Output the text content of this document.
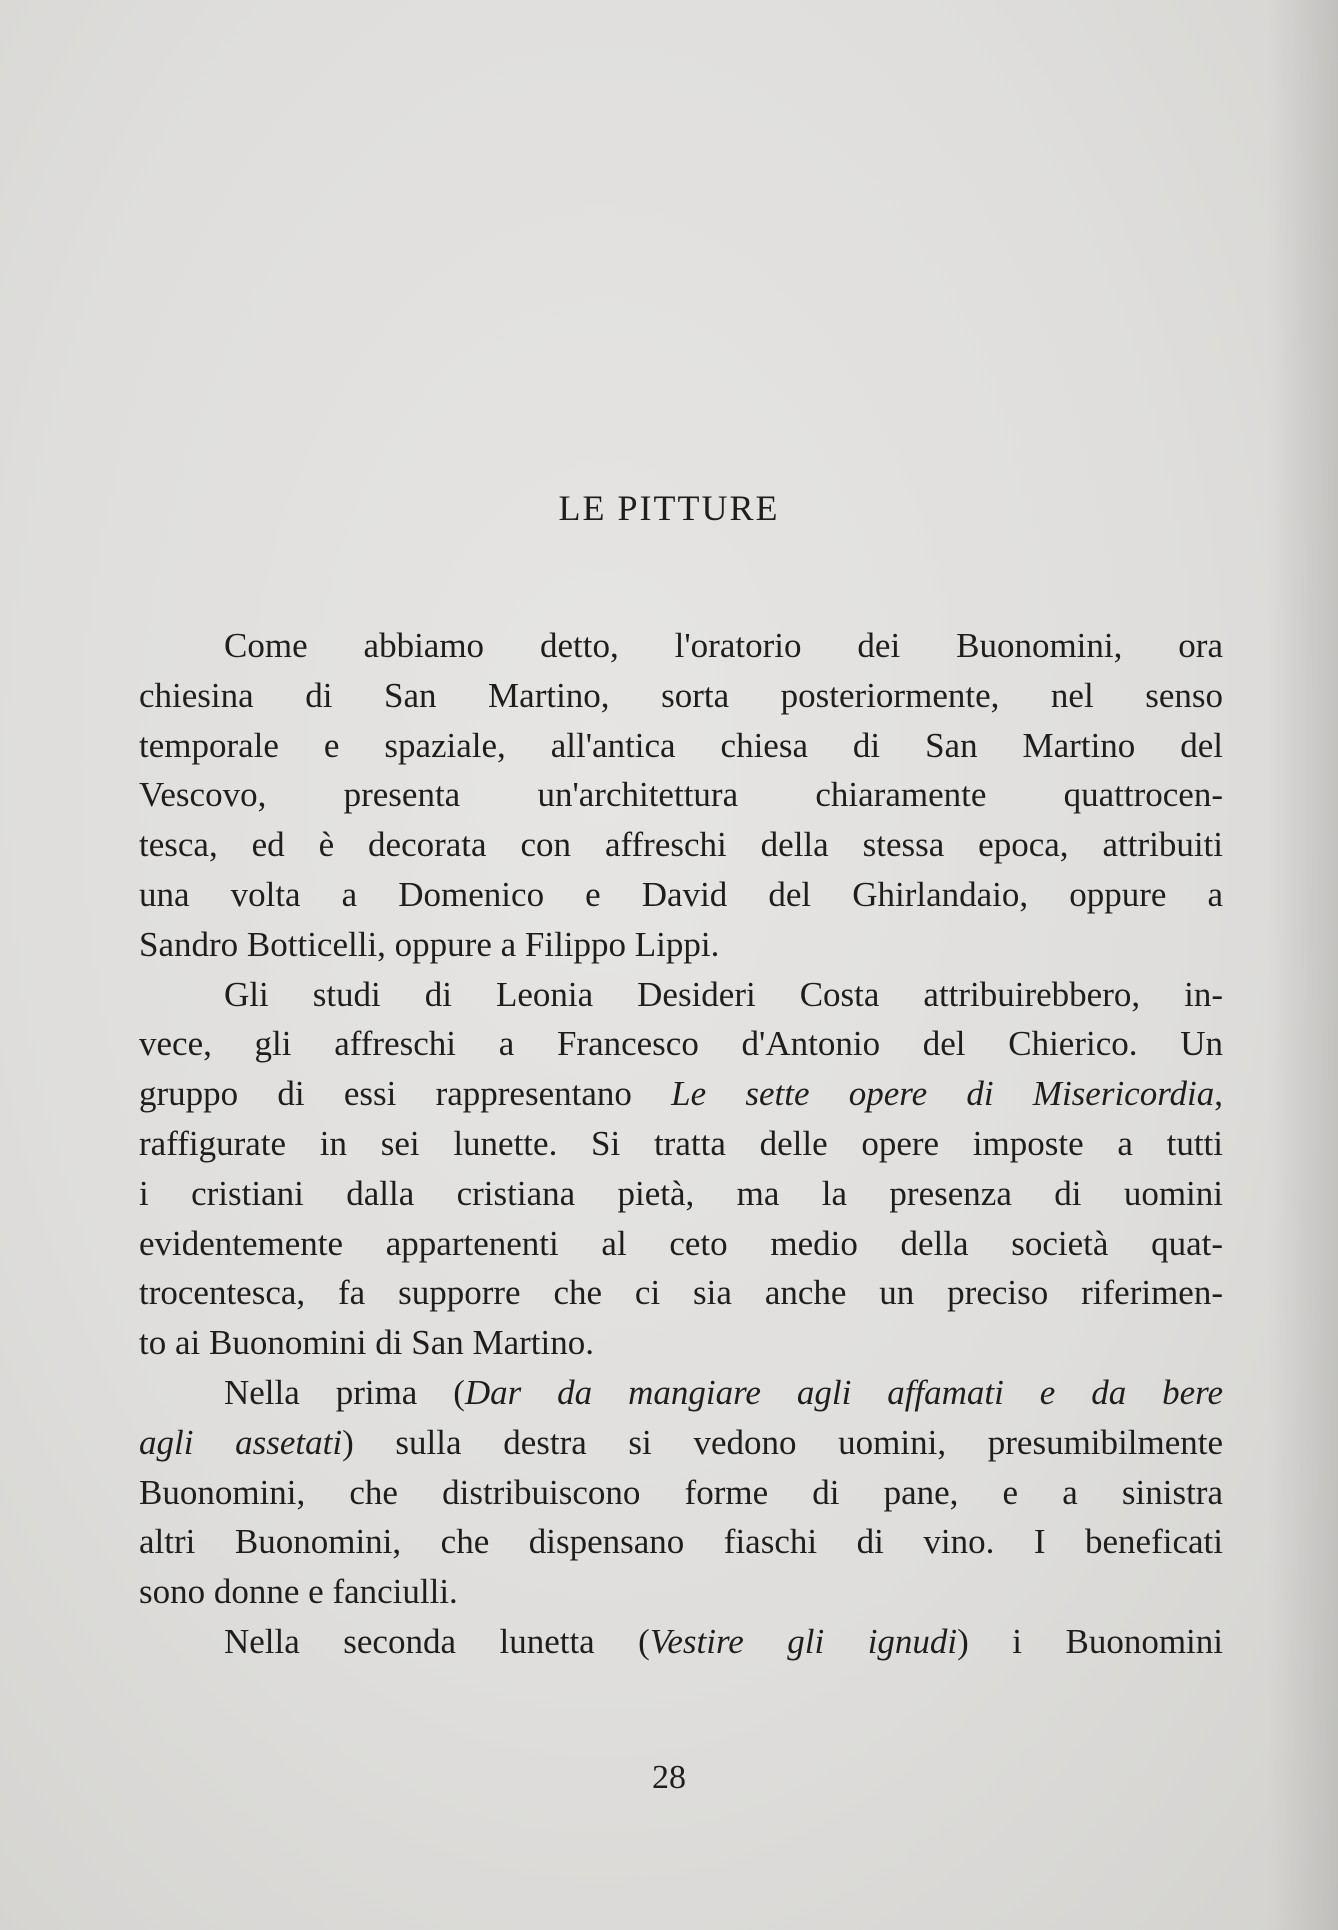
LE PITTURE
Come abbiamo detto, l'oratorio dei Buonomini, ora
chiesina di San Martino, sorta posteriormente, nel senso
temporale e spaziale, all'antica chiesa di San Martino del
Vescovo, presenta un'architettura chiaramente quattrocen-
tesca, ed è decorata con affreschi della stessa epoca, attribuiti
una volta a Domenico e David del Ghirlandaio, oppure a
Sandro Botticelli, oppure a Filippo Lippi.
Gli studi di Leonia Desideri Costa attribuirebbero, in-
vece, gli affreschi a Francesco d'Antonio del Chierico. Un
gruppo di essi rappresentano Le sette opere di Misericordia,
raffigurate in sei lunette. Si tratta delle opere imposte a tutti
i cristiani dalla cristiana pietà, ma la presenza di uomini
evidentemente appartenenti al ceto medio della società quat-
trocentesca, fa supporre che ci sia anche un preciso riferimen-
to ai Buonomini di San Martino.
Nella prima (Dar da mangiare agli affamati e da bere
agli assetati) sulla destra si vedono uomini, presumibilmente
Buonomini, che distribuiscono forme di pane, e a sinistra
altri Buonomini, che dispensano fiaschi di vino. I beneficati
sono donne e fanciulli.
Nella seconda lunetta (Vestire gli ignudi) i Buonomini
28
